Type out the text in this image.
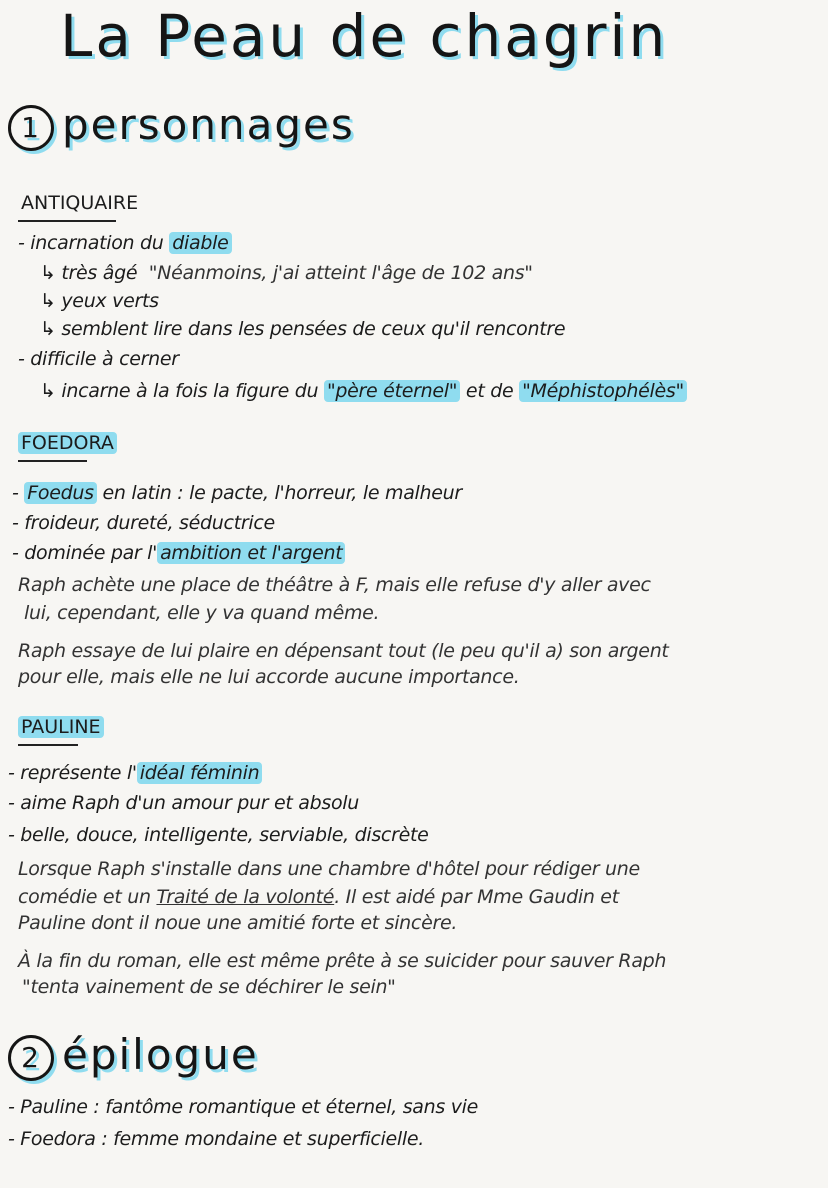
La Peau de chagrin
1 personnages
ANTIQUAIRE
- incarnation du diable
↳ très âgé "Néanmoins, j'ai atteint l'âge de 102 ans"
↳ yeux verts
↳ semblent lire dans les pensées de ceux qu'il rencontre
- difficile à cerner
↳ incarne à la fois la figure du "père éternel" et de "Méphistophélès"
FOEDORA
- Foedus en latin : le pacte, l'horreur, le malheur
- froideur, dureté, séductrice
- dominée par l' ambition et l'argent
Raph achète une place de théâtre à F, mais elle refuse d'y aller avec
lui, cependant, elle y va quand même.
Raph essaye de lui plaire en dépensant tout (le peu qu'il a) son argent
pour elle, mais elle ne lui accorde aucune importance.
PAULINE
- représente l' idéal féminin
- aime Raph d'un amour pur et absolu
- belle, douce, intelligente, serviable, discrète
Lorsque Raph s'installe dans une chambre d'hôtel pour rédiger une
comédie et un Traité de la volonté. Il est aidé par Mme Gaudin et
Pauline dont il noue une amitié forte et sincère.
À la fin du roman, elle est même prête à se suicider pour sauver Raph
"tenta vainement de se déchirer le sein"
2 épilogue
- Pauline : fantôme romantique et éternel, sans vie
- Foedora : femme mondaine et superficielle.
